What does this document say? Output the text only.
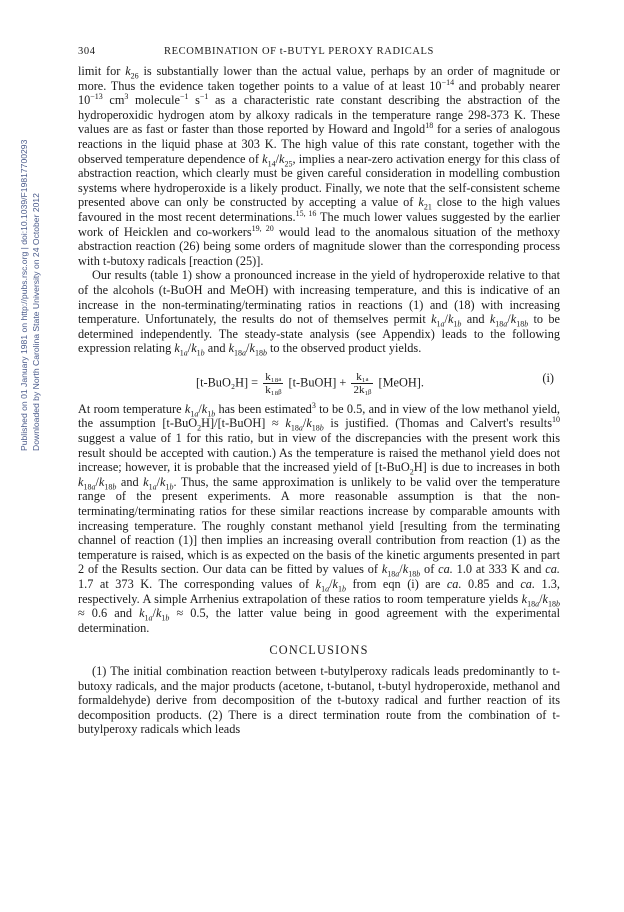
304	RECOMBINATION OF t-BUTYL PEROXY RADICALS
Published on 01 January 1981 on http://pubs.rsc.org | doi:10.1039/F19817700293 Downloaded by North Carolina State University on 24 October 2012

limit for $k_{26}$ is substantially lower than the actual value, perhaps by an order of magnitude or more. Thus the evidence taken together points to a value of at least $10^{-14}$ and probably nearer $10^{-13}$ $cm^3$ molecule$^{-1}$ $s^{-1}$ as a characteristic rate constant describing the abstraction of the hydroperoxidic hydrogen atom by alkoxy radicals in the temperature range 298-373 K. These values are as fast or faster than those reported by Howard and Ingold$^{18}$ for a series of analogous reactions in the liquid phase at 303 K. The high value of this rate constant, together with the observed temperature dependence of $k_{14}/k_{25}$, implies a near-zero activation energy for this class of abstraction reaction, which clearly must be given careful consideration in modelling combustion systems where hydroperoxide is a likely product. Finally, we note that the self-consistent scheme presented above can only be constructed by accepting a value of $k_{21}$ close to the high values favoured in the most recent determinations.$^{15, 16}$ The much lower values suggested by the earlier work of Heicklen and co-workers$^{19, 20}$ would lead to the anomalous situation of the methoxy abstraction reaction (26) being some orders of magnitude slower than the corresponding process with t-butoxy radicals [reaction (25)].

Our results (table 1) show a pronounced increase in the yield of hydroperoxide relative to that of the alcohols (t-BuOH and MeOH) with increasing temperature, and this is indicative of an increase in the non-terminating/terminating ratios in reactions (1) and (18) with increasing temperature. Unfortunately, the results do not of themselves permit $k_{1a}/k_{1b}$ and $k_{18a}/k_{18b}$ to be determined independently. The steady-state analysis (see Appendix) leads to the following expression relating $k_{1a}/k_{1b}$ and $k_{18a}/k_{18b}$ to the observed product yields.

$[t-BuO_2H] = \frac{\text{k₁₈ₐ}}{\text{k₁₈ᵦ}}$ [t-BuOH] + $\frac{\text{k₁ₐ}}{\text{2k₁ᵦ}}$ [MeOH].	(i)

At room temperature $k_{1a}/k_{1b}$ has been estimated$^3$ to be 0.5, and in view of the low methanol yield, the assumption [t-BuO$_2$H]/[t-BuOH] ≈ $k_{18a}/k_{18b}$ is justified. (Thomas and Calvert's results$^{10}$ suggest a value of 1 for this ratio, but in view of the discrepancies with the present work this result should be accepted with caution.) As the temperature is raised the methanol yield does not increase; however, it is probable that the increased yield of [t-BuO$_2$H] is due to increases in both $k_{18a}/k_{18b}$ and $k_{1a}/k_{1b}$. Thus, the same approximation is unlikely to be valid over the temperature range of the present experiments. A more reasonable assumption is that the non-terminating/terminating ratios for these similar reactions increase by comparable amounts with increasing temperature. The roughly constant methanol yield [resulting from the terminating channel of reaction (1)] then implies an increasing overall contribution from reaction (1) as the temperature is raised, which is as expected on the basis of the kinetic arguments presented in part 2 of the Results section. Our data can be fitted by values of $k_{18a}/k_{18b}$ of ca. 1.0 at 333 K and ca. 1.7 at 373 K. The corresponding values of $k_{1a}/k_{1b}$ from eqn (i) are ca. 0.85 and ca. 1.3, respectively. A simple Arrhenius extrapolation of these ratios to room temperature yields $k_{18a}/k_{18b} \approx 0.6$ and $k_{1a}/k_{1b} \approx 0.5$, the latter value being in good agreement with the experimental determination.

CONCLUSIONS

(1) The initial combination reaction between t-butylperoxy radicals leads predominantly to t-butoxy radicals, and the major products (acetone, t-butanol, t-butyl hydroperoxide, methanol and formaldehyde) derive from decomposition of the t-butoxy radical and further reaction of its decomposition products. (2) There is a direct termination route from the combination of t-butylperoxy radicals which leads
